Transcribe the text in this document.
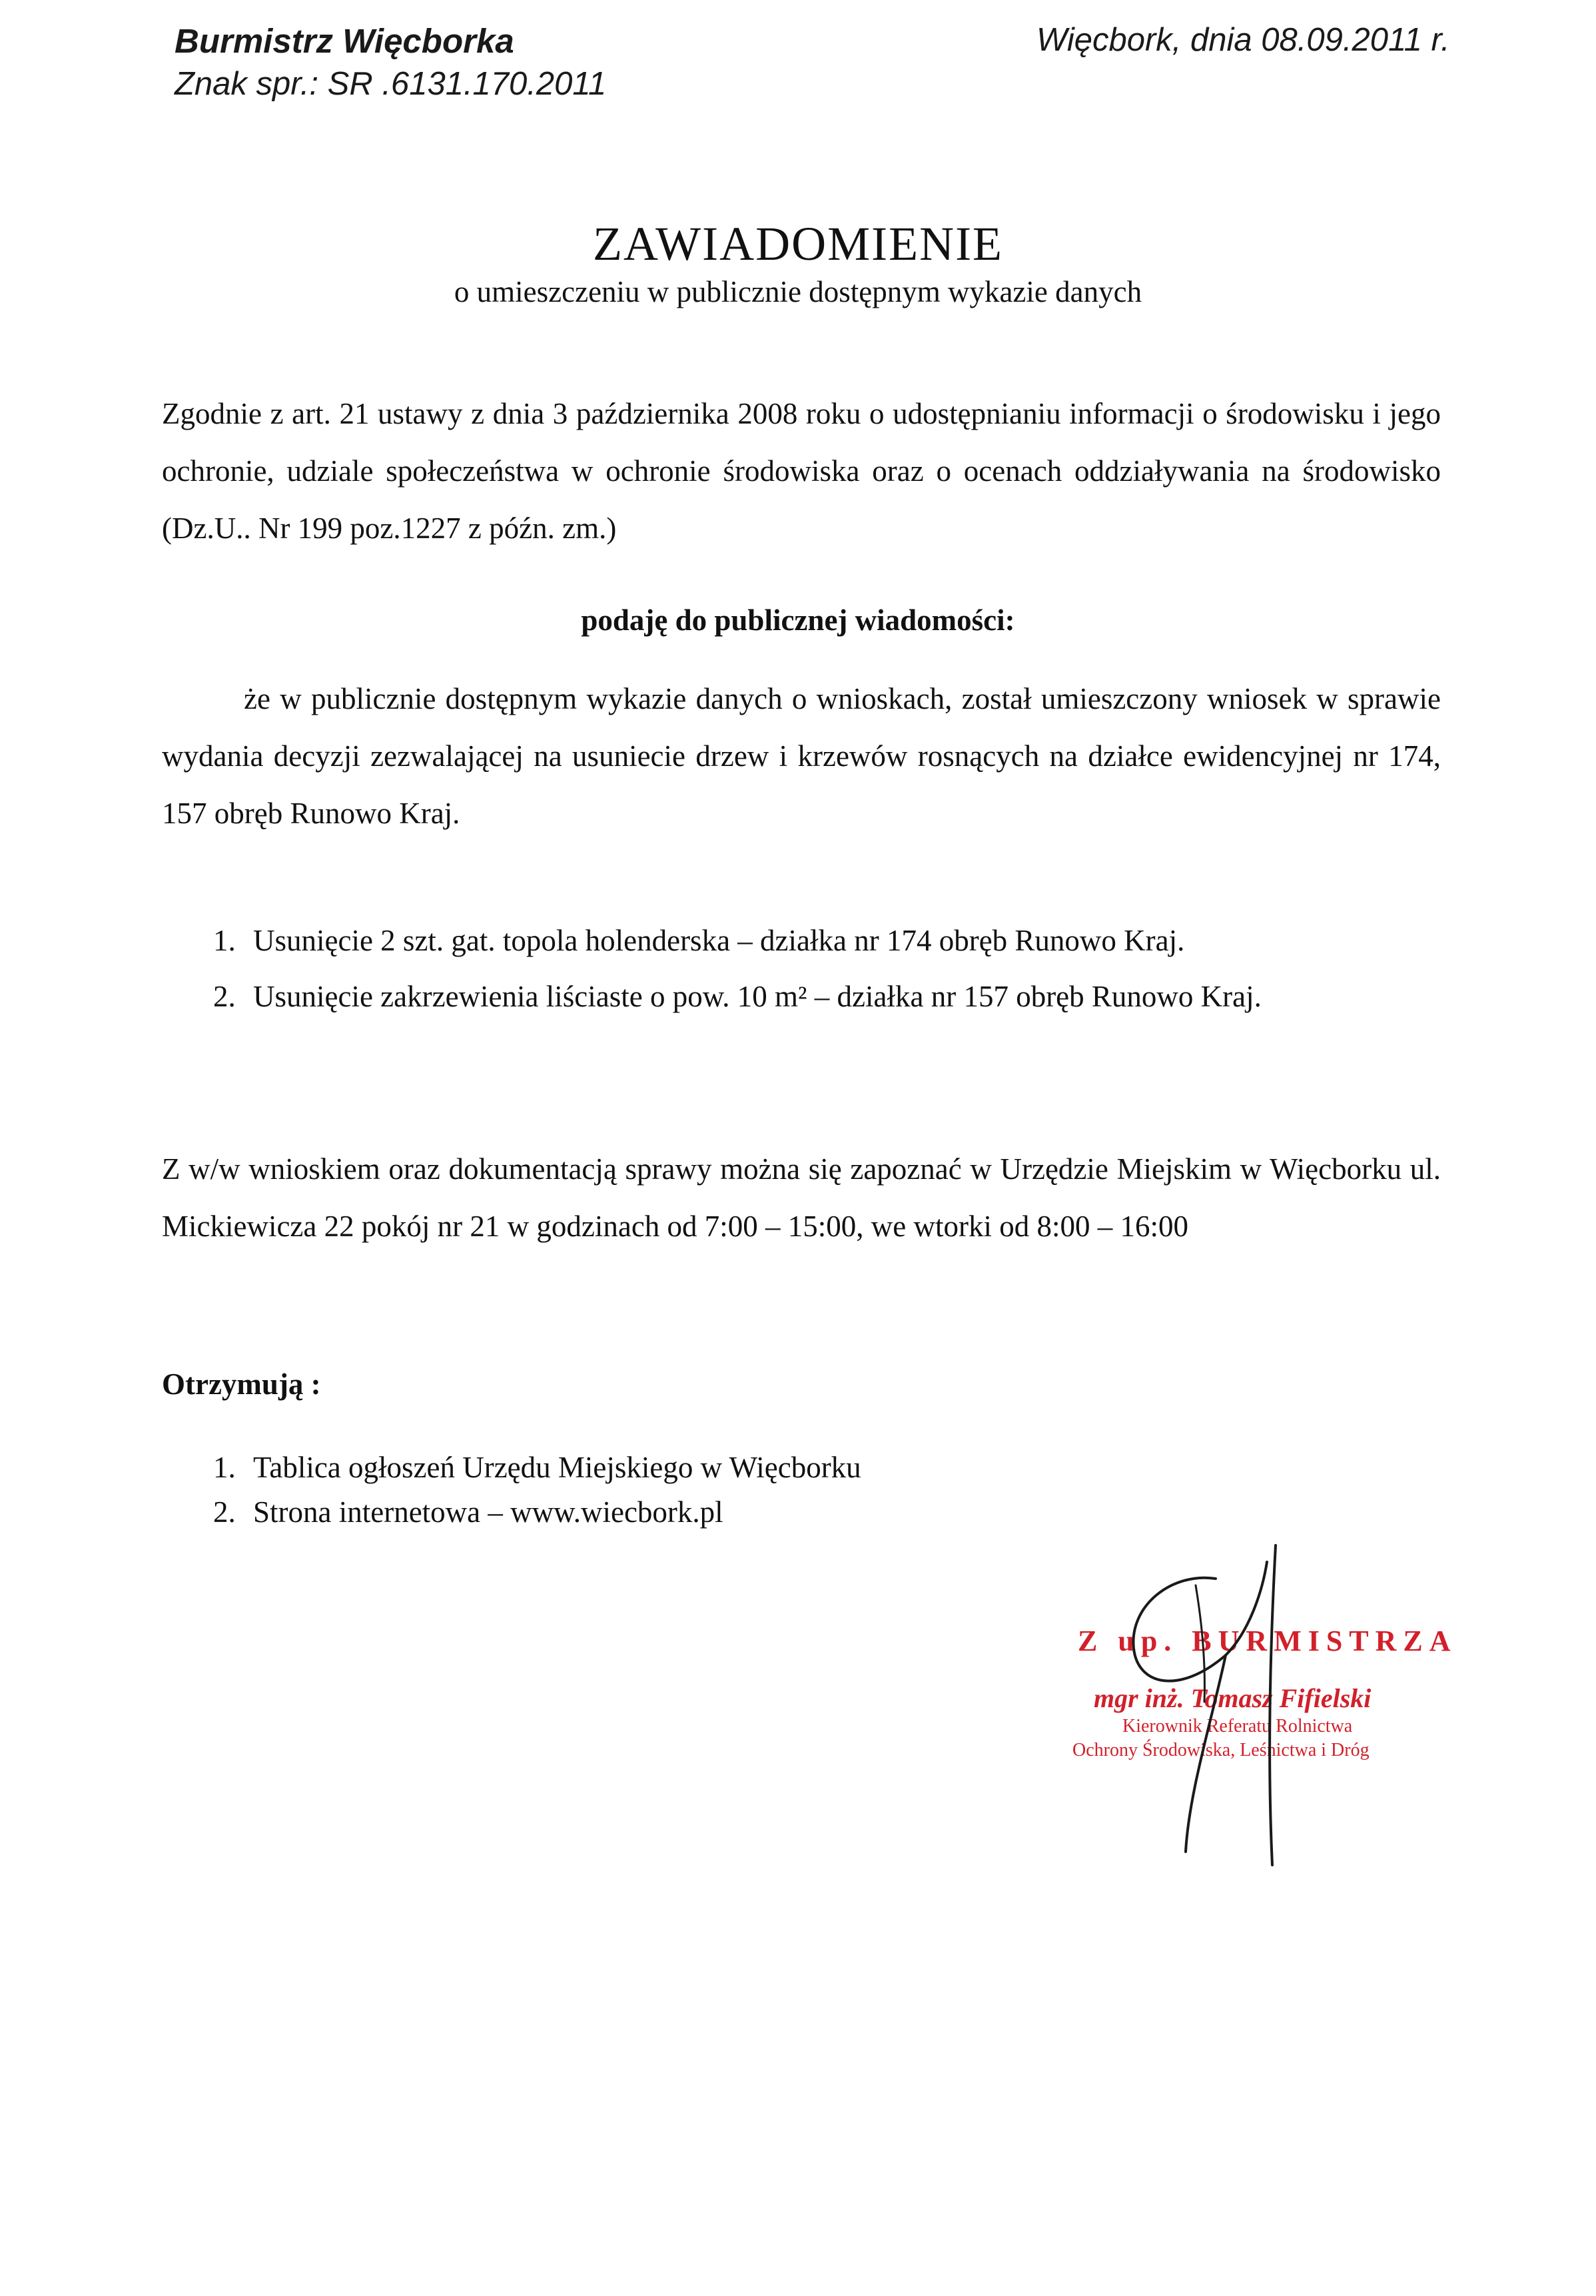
Burmistrz Więcborka
Znak spr.: SR .6131.170.2011
Więcbork, dnia 08.09.2011 r.
ZAWIADOMIENIE
o umieszczeniu w publicznie dostępnym wykazie danych
Zgodnie z art. 21 ustawy z dnia 3 października 2008 roku o udostępnianiu informacji o środowisku i jego ochronie, udziale społeczeństwa w ochronie środowiska oraz o ocenach oddziaływania na środowisko (Dz.U.. Nr 199 poz.1227 z późn. zm.)
podaję do publicznej wiadomości:
że w publicznie dostępnym wykazie danych o wnioskach, został umieszczony wniosek w sprawie wydania decyzji zezwalającej na usuniecie drzew i krzewów rosnących na działce ewidencyjnej nr 174, 157 obręb Runowo Kraj.
1. Usunięcie 2 szt. gat. topola holenderska – działka nr 174 obręb Runowo Kraj.
2. Usunięcie zakrzewienia liściaste o pow. 10 m² – działka nr 157 obręb Runowo Kraj.
Z w/w wnioskiem oraz dokumentacją sprawy można się zapoznać w Urzędzie Miejskim w Więcborku ul. Mickiewicza 22 pokój nr 21 w godzinach od 7:00 – 15:00, we wtorki od 8:00 – 16:00
Otrzymują :
1. Tablica ogłoszeń Urzędu Miejskiego w Więcborku
2. Strona internetowa – www.wiecbork.pl
Z up. BURMISTRZA
mgr inż. Tomasz Fifielski
Kierownik Referatu Rolnictwa
Ochrony Środowiska, Leśnictwa i Dróg
